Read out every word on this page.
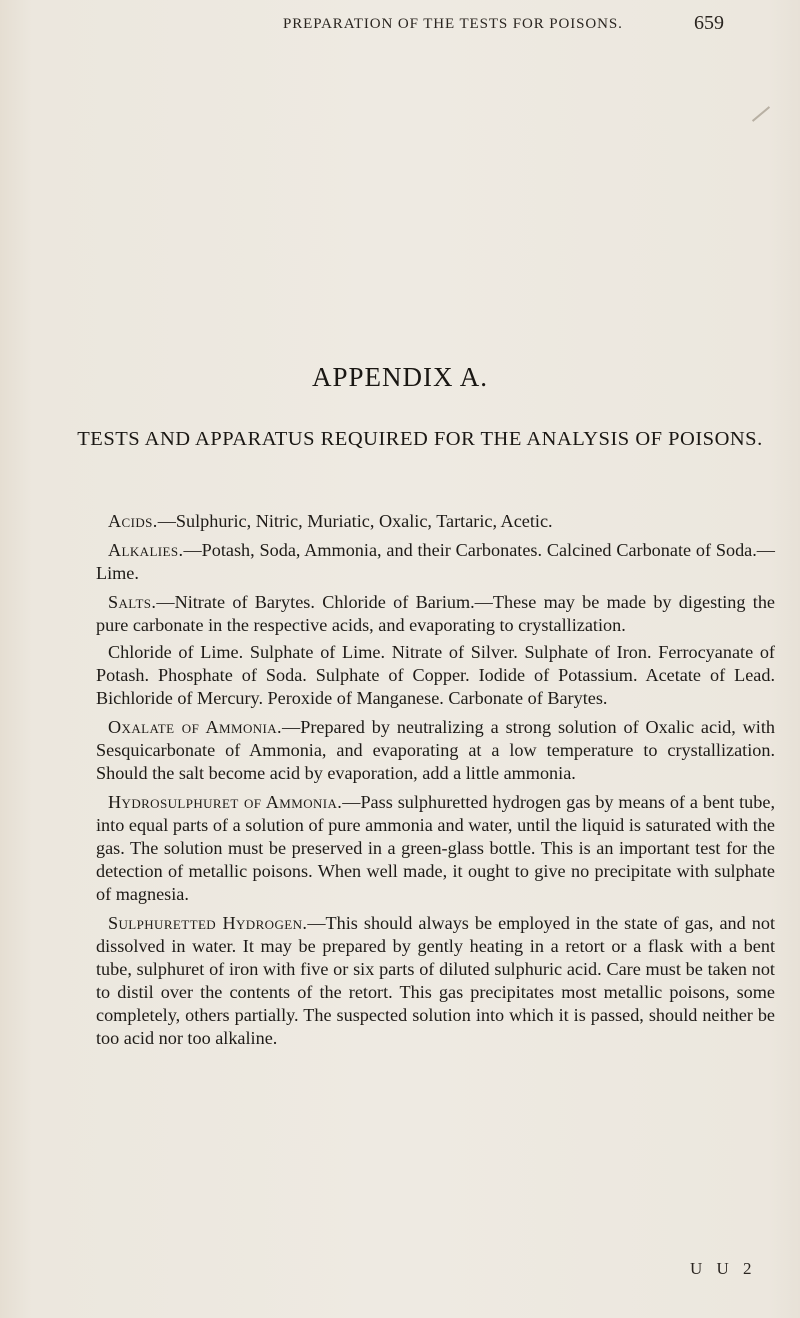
PREPARATION OF THE TESTS FOR POISONS.	659
APPENDIX A.
TESTS AND APPARATUS REQUIRED FOR THE ANALYSIS OF POISONS.

Acids.—Sulphuric, Nitric, Muriatic, Oxalic, Tartaric, Acetic.

Alkalies.—Potash, Soda, Ammonia, and their Carbonates. Calcined Carbonate of Soda.—Lime.

Salts.—Nitrate of Barytes. Chloride of Barium.—These may be made by digesting the pure carbonate in the respective acids, and evaporating to crystallization.

Chloride of Lime. Sulphate of Lime. Nitrate of Silver. Sulphate of Iron. Ferrocyanate of Potash. Phosphate of Soda. Sulphate of Copper. Iodide of Potassium. Acetate of Lead. Bichloride of Mercury. Peroxide of Manganese. Carbonate of Barytes.

Oxalate of Ammonia.—Prepared by neutralizing a strong solution of Oxalic acid, with Sesquicarbonate of Ammonia, and evaporating at a low temperature to crystallization. Should the salt become acid by evaporation, add a little ammonia.

Hydrosulphuret of Ammonia.—Pass sulphuretted hydrogen gas by means of a bent tube, into equal parts of a solution of pure ammonia and water, until the liquid is saturated with the gas. The solution must be preserved in a green-glass bottle. This is an important test for the detection of metallic poisons. When well made, it ought to give no precipitate with sulphate of magnesia.

Sulphuretted Hydrogen.—This should always be employed in the state of gas, and not dissolved in water. It may be prepared by gently heating in a retort or a flask with a bent tube, sulphuret of iron with five or six parts of diluted sulphuric acid. Care must be taken not to distil over the contents of the retort. This gas precipitates most metallic poisons, some completely, others partially. The suspected solution into which it is passed, should neither be too acid nor too alkaline.

U U 2
